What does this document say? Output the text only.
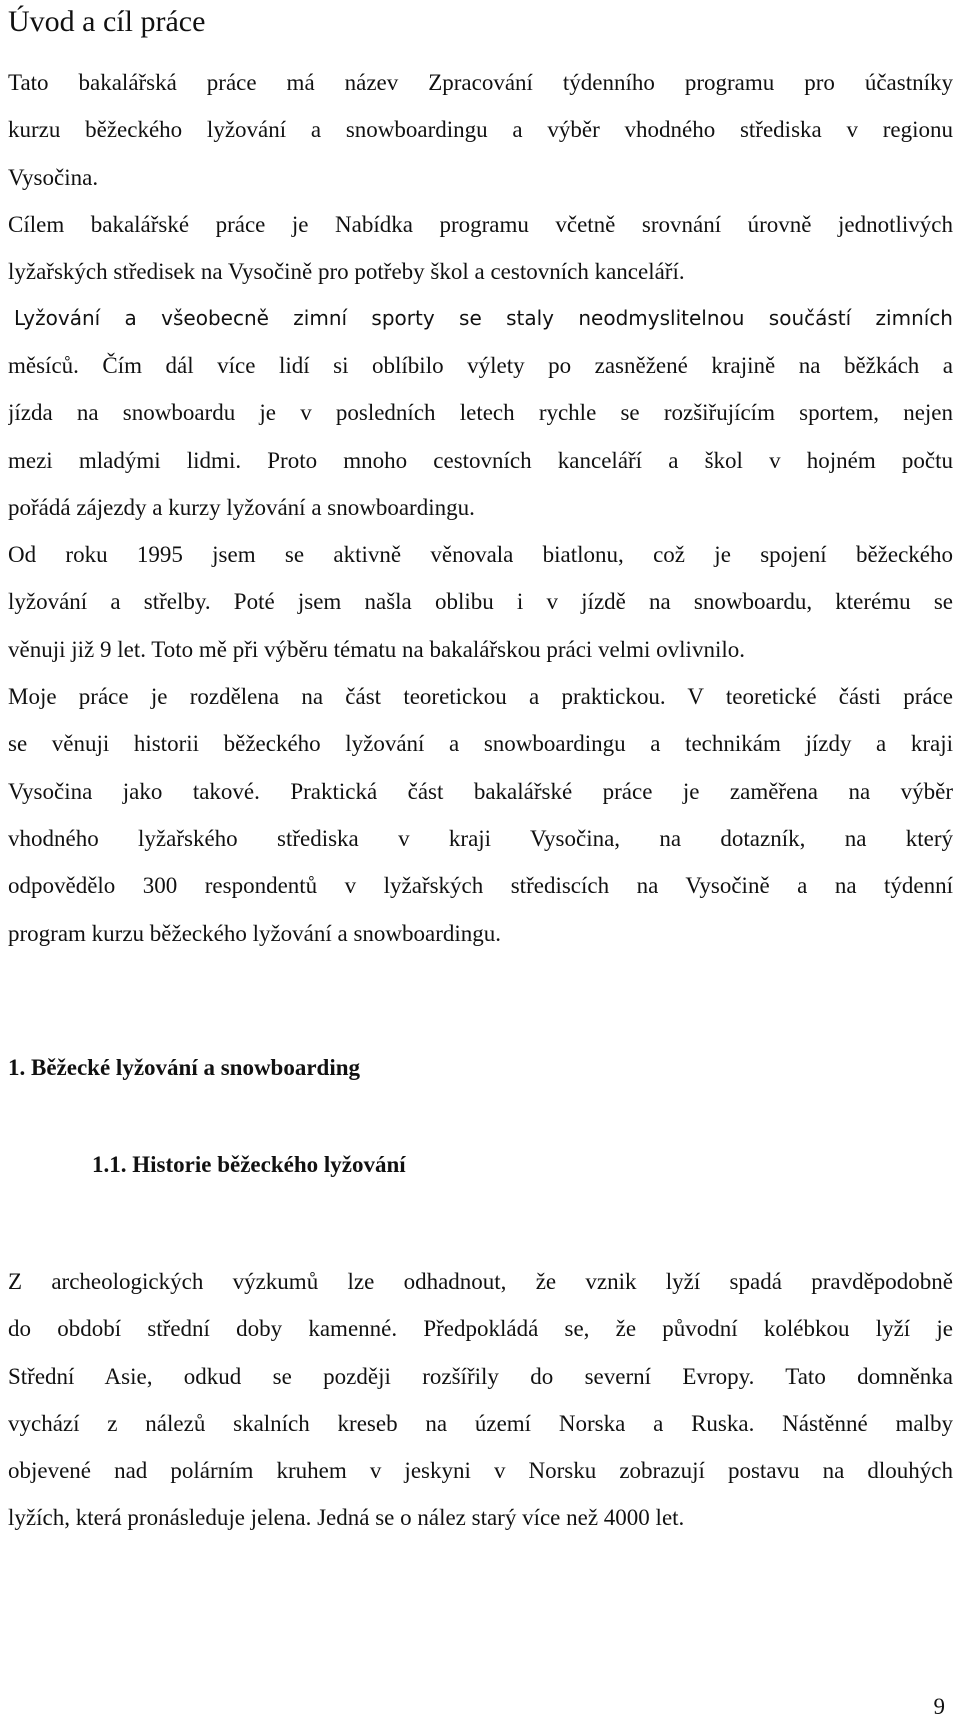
Úvod a cíl práce

Tato bakalářská práce má název Zpracování týdenního programu pro účastníky
kurzu běžeckého lyžování a snowboardingu a výběr vhodného střediska v regionu
Vysočina.

Cílem bakalářské práce je Nabídka programu včetně srovnání úrovně jednotlivých
lyžařských středisek na Vysočině pro potřeby škol a cestovních kanceláří.

Lyžování a všeobecně zimní sporty se staly neodmyslitelnou součástí zimních

měsíců. Čím dál více lidí si oblíbilo výlety po zasněžené krajině na běžkách a
jízda na snowboardu je v posledních letech rychle se rozšiřujícím sportem, nejen
mezi mladými lidmi. Proto mnoho cestovních kanceláří a škol v hojném počtu
pořádá zájezdy a kurzy lyžování a snowboardingu.
Od roku 1995 jsem se aktivně věnovala biatlonu, což je spojení běžeckého
lyžování a střelby. Poté jsem našla oblibu i v jízdě na snowboardu, kterému se
věnuji již 9 let. Toto mě při výběru tématu na bakalářskou práci velmi ovlivnilo.
Moje práce je rozdělena na část teoretickou a praktickou. V teoretické části práce
se věnuji historii běžeckého lyžování a snowboardingu a technikám jízdy a kraji
Vysočina jako takové. Praktická část bakalářské práce je zaměřena na výběr
vhodného lyžařského střediska v kraji Vysočina, na dotazník, na který
odpovědělo 300 respondentů v lyžařských střediscích na Vysočině a na týdenní
program kurzu běžeckého lyžování a snowboardingu.

1. Běžecké lyžování a snowboarding
1.1. Historie běžeckého lyžování

Z archeologických výzkumů lze odhadnout, že vznik lyží spadá pravděpodobně
do období střední doby kamenné. Předpokládá se, že původní kolébkou lyží je
Střední Asie, odkud se později rozšířily do severní Evropy. Tato domněnka
vychází z nálezů skalních kreseb na území Norska a Ruska. Nástěnné malby
objevené nad polárním kruhem v jeskyni v Norsku zobrazují postavu na dlouhých
lyžích, která pronásleduje jelena. Jedná se o nález starý více než 4000 let.

9
